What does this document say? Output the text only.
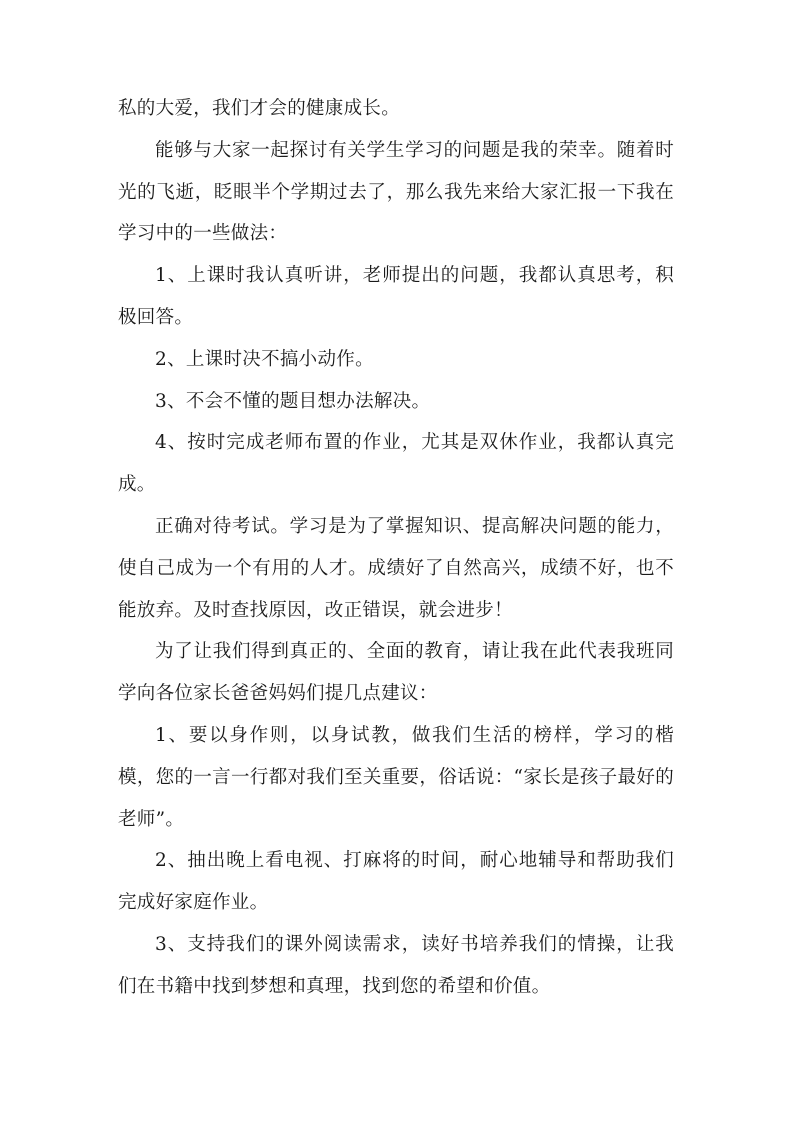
私的大爱，我们才会的健康成长。

能够与大家一起探讨有关学生学习的问题是我的荣幸。随着时光的飞逝，眨眼半个学期过去了，那么我先来给大家汇报一下我在学习中的一些做法：

1、上课时我认真听讲，老师提出的问题，我都认真思考，积极回答。

2、上课时决不搞小动作。

3、不会不懂的题目想办法解决。

4、按时完成老师布置的作业，尤其是双休作业，我都认真完成。

正确对待考试。学习是为了掌握知识、提高解决问题的能力，使自己成为一个有用的人才。成绩好了自然高兴，成绩不好，也不能放弃。及时查找原因，改正错误，就会进步！

为了让我们得到真正的、全面的教育，请让我在此代表我班同学向各位家长爸爸妈妈们提几点建议：

1、要以身作则，以身试教，做我们生活的榜样，学习的楷模，您的一言一行都对我们至关重要，俗话说：“家长是孩子最好的老师”。

2、抽出晚上看电视、打麻将的时间，耐心地辅导和帮助我们完成好家庭作业。

3、支持我们的课外阅读需求，读好书培养我们的情操，让我们在书籍中找到梦想和真理，找到您的希望和价值。
